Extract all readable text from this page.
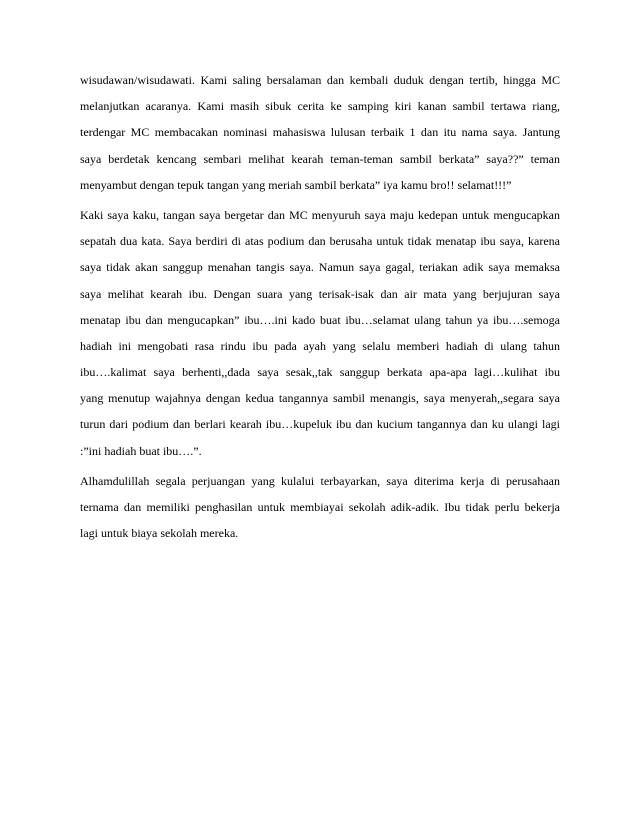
wisudawan/wisudawati. Kami saling bersalaman dan kembali duduk dengan tertib, hingga MC
melanjutkan acaranya. Kami masih sibuk cerita ke samping kiri kanan sambil tertawa riang,
terdengar MC membacakan nominasi mahasiswa lulusan terbaik 1 dan itu nama saya. Jantung
saya berdetak kencang sembari melihat kearah teman-teman sambil berkata” saya??” teman
menyambut dengan tepuk tangan yang meriah sambil berkata” iya kamu bro!! selamat!!!”
Kaki saya kaku, tangan saya bergetar dan MC menyuruh saya maju kedepan untuk mengucapkan
sepatah dua kata. Saya berdiri di atas podium dan berusaha untuk tidak menatap ibu saya, karena
saya tidak akan sanggup menahan tangis saya. Namun saya gagal, teriakan adik saya memaksa
saya melihat kearah ibu. Dengan suara yang terisak-isak dan air mata yang berjujuran saya
menatap ibu dan mengucapkan” ibu….ini kado buat ibu…selamat ulang tahun ya ibu….semoga
hadiah ini mengobati rasa rindu ibu pada ayah yang selalu memberi hadiah di ulang tahun
ibu….kalimat saya berhenti,,dada saya sesak,,tak sanggup berkata apa-apa lagi…kulihat ibu
yang menutup wajahnya dengan kedua tangannya sambil menangis, saya menyerah,,segara saya
turun dari podium dan berlari kearah ibu…kupeluk ibu dan kucium tangannya dan ku ulangi lagi
:”ini hadiah buat ibu….”.
Alhamdulillah segala perjuangan yang kulalui terbayarkan, saya diterima kerja di perusahaan
ternama dan memiliki penghasilan untuk membiayai sekolah adik-adik. Ibu tidak perlu bekerja
lagi untuk biaya sekolah mereka.
